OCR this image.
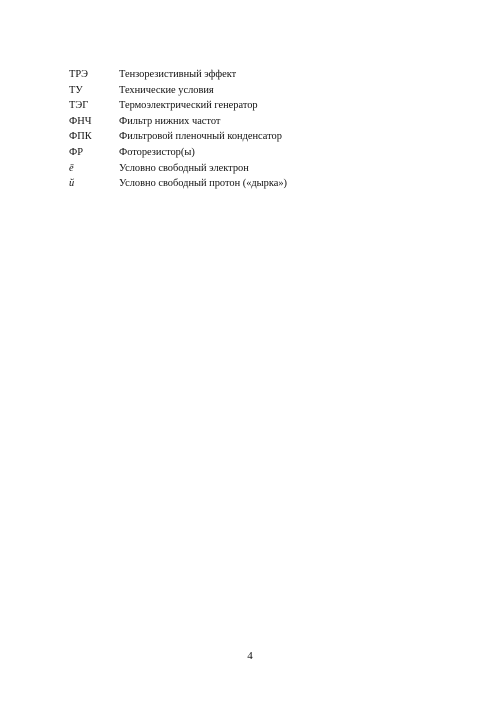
ТРЭ	Тензорезистивный эффект
ТУ	Технические условия
ТЭГ	Термоэлектрический генератор
ФНЧ	Фильтр нижних частот
ФПК	Фильтровой пленочный конденсатор
ФР	Фоторезистор(ы)
ē	Условно свободный электрон
й	Условно свободный протон («дырка»)
4
